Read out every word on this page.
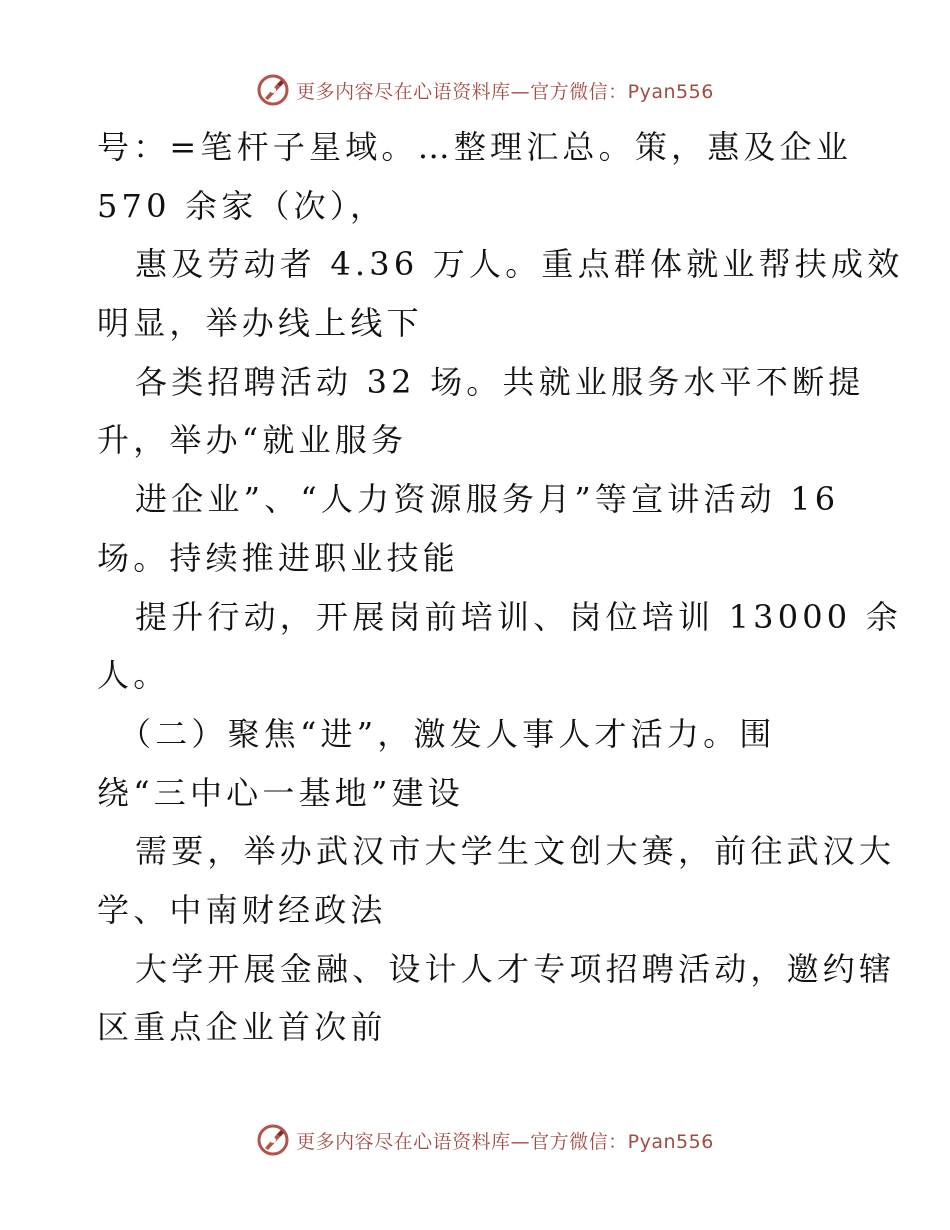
更多内容尽在心语资料库—官方微信：Pyan556
号：=笔杆子星域。…整理汇总。策，惠及企业
570 余家（次），
惠及劳动者 4.36 万人。重点群体就业帮扶成效
明显，举办线上线下
各类招聘活动 32 场。共就业服务水平不断提
升，举办“就业服务
进企业”、“人力资源服务月”等宣讲活动 16
场。持续推进职业技能
提升行动，开展岗前培训、岗位培训 13000 余
人。
（二）聚焦“进”，激发人事人才活力。围
绕“三中心一基地”建设
需要，举办武汉市大学生文创大赛，前往武汉大
学、中南财经政法
大学开展金融、设计人才专项招聘活动，邀约辖
区重点企业首次前
更多内容尽在心语资料库—官方微信：Pyan556
